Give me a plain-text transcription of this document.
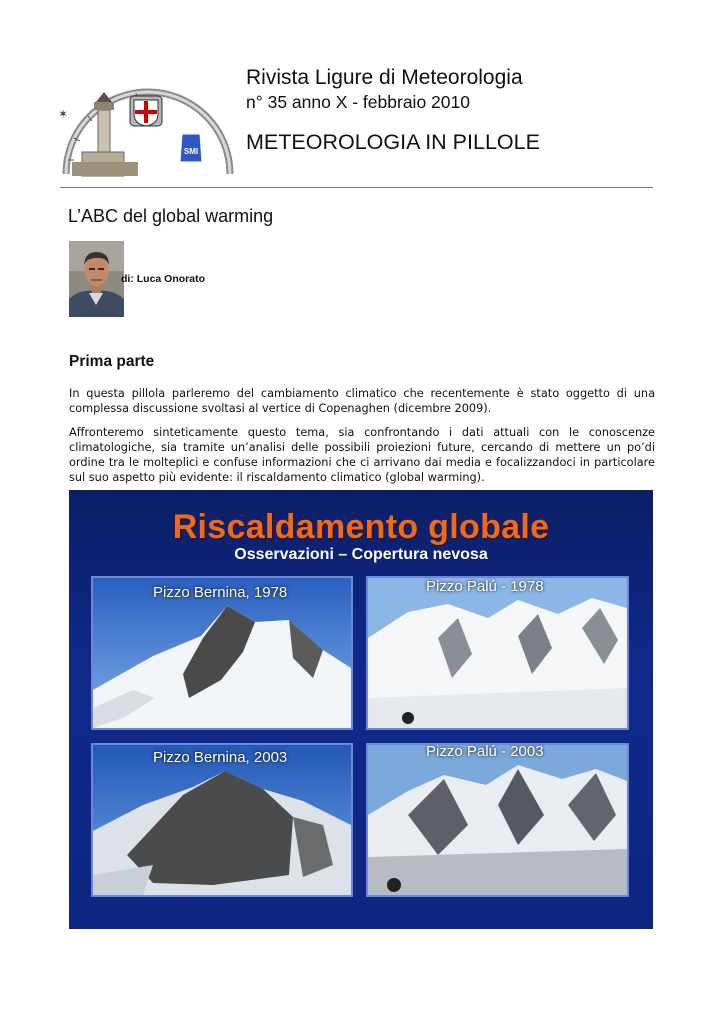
✶
SMI
Rivista Ligure di Meteorologia
n° 35 anno X - febbraio 2010
METEOROLOGIA IN PILLOLE
L’ABC del global warming
di: Luca Onorato
Prima parte
In questa pillola parleremo del cambiamento climatico che recentemente è stato oggetto di una complessa discussione svoltasi al vertice di Copenaghen (dicembre 2009).
Affronteremo sinteticamente questo tema, sia confrontando i dati attuali con le conoscenze climatologiche, sia tramite un’analisi delle possibili proiezioni future, cercando di mettere un po’di ordine tra le molteplici e confuse informazioni che ci arrivano dai media e focalizzandoci in particolare sul suo aspetto più evidente: il riscaldamento climatico (global warming).
Riscaldamento globale
Osservazioni – Copertura nevosa
Pizzo Bernina, 1978	Pizzo Palú - 1978
Pizzo Bernina, 2003	Pizzo Palú - 2003
